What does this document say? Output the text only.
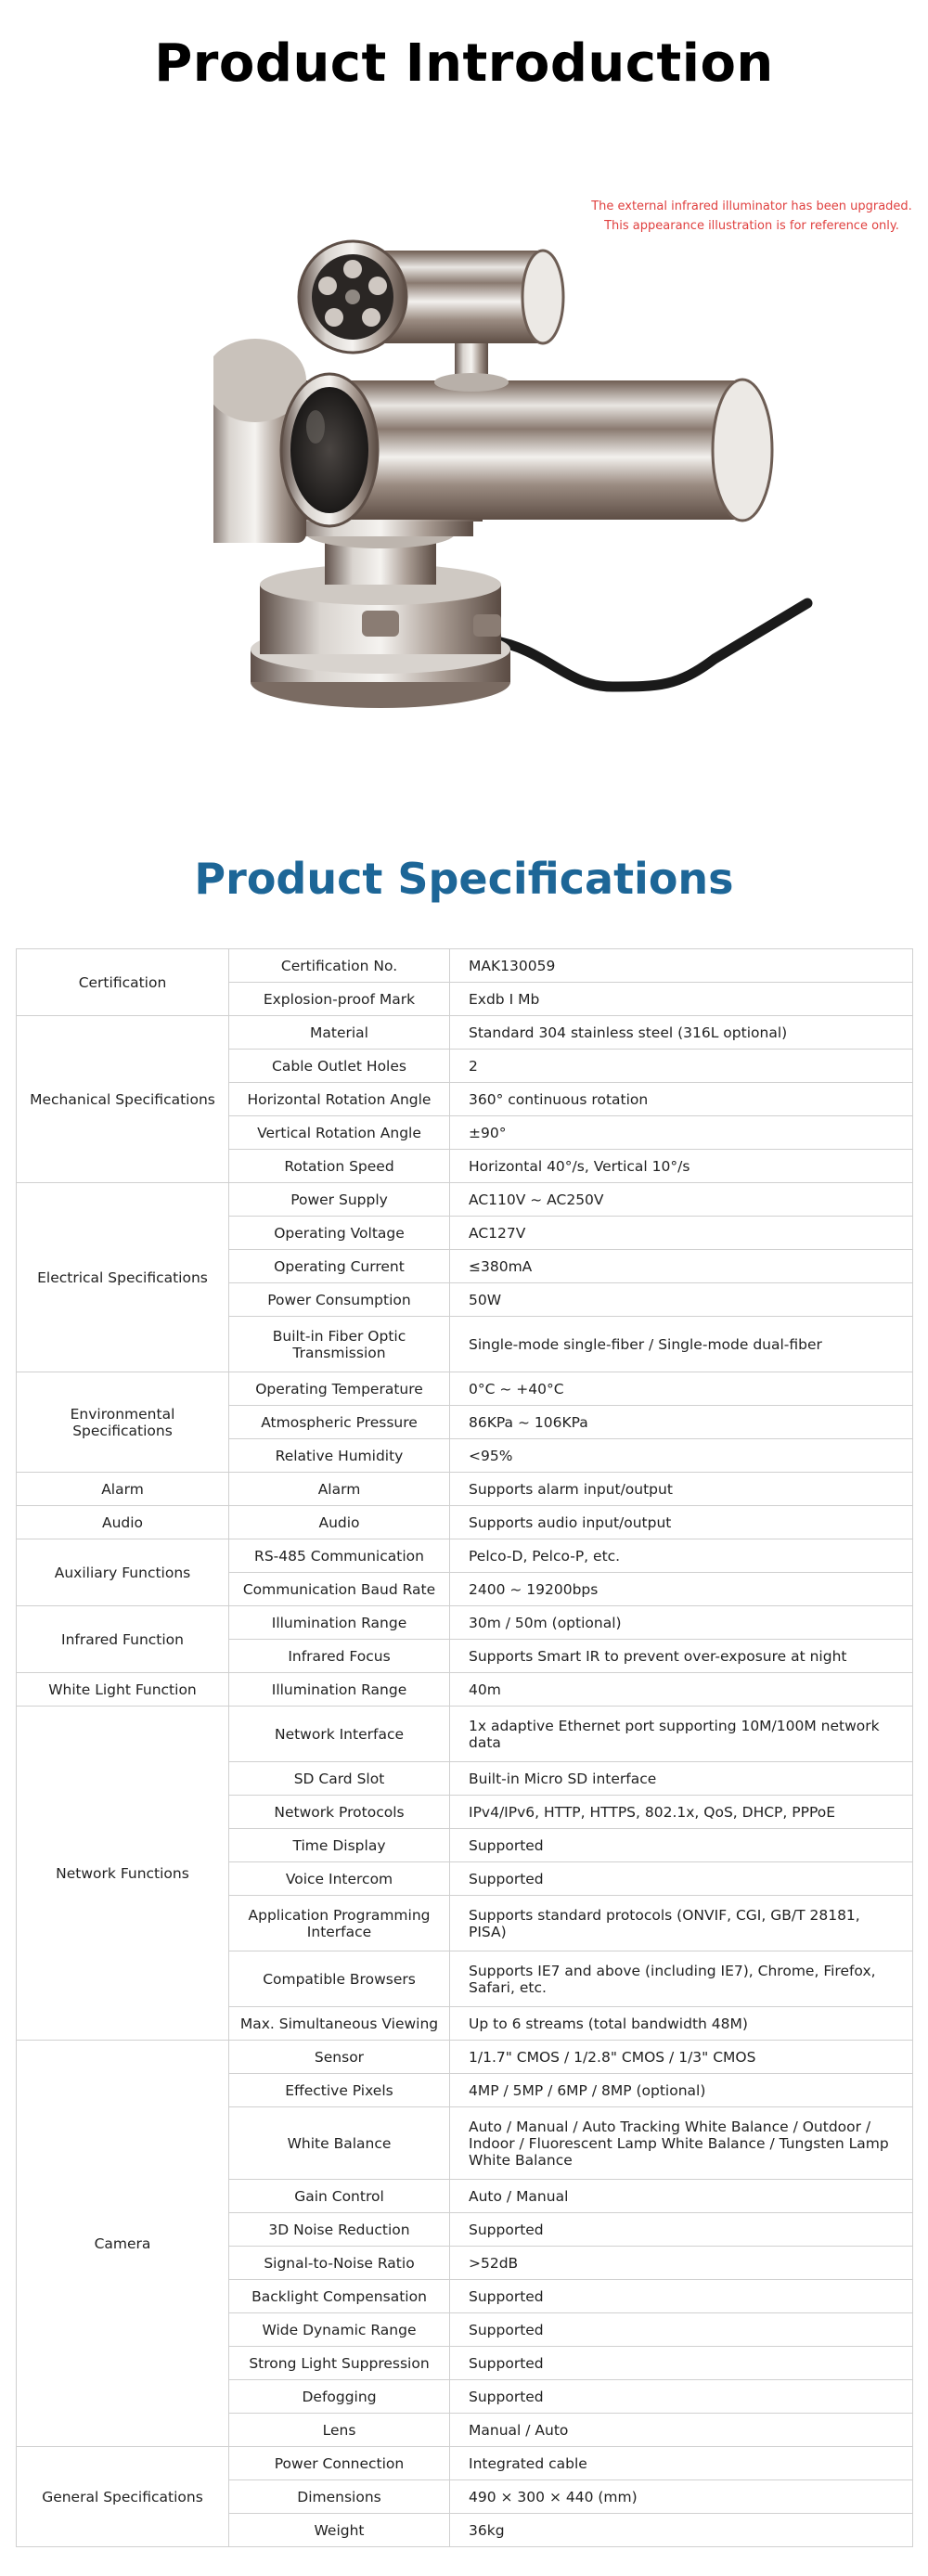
Product Introduction
The external infrared illuminator has been upgraded.
This appearance illustration is for reference only.
Product Specifications
Certification	Certification No.	MAK130059
	Explosion-proof Mark	Exdb I Mb
Mechanical Specifications	Material	Standard 304 stainless steel (316L optional)
	Cable Outlet Holes	2
	Horizontal Rotation Angle	360° continuous rotation
	Vertical Rotation Angle	±90°
	Rotation Speed	Horizontal 40°/s, Vertical 10°/s
Electrical Specifications	Power Supply	AC110V ~ AC250V
	Operating Voltage	AC127V
	Operating Current	≤380mA
	Power Consumption	50W
	Built-in Fiber Optic Transmission	Single-mode single-fiber / Single-mode dual-fiber
Environmental Specifications	Operating Temperature	0°C ~ +40°C
	Atmospheric Pressure	86KPa ~ 106KPa
	Relative Humidity	<95%
Alarm	Alarm	Supports alarm input/output
Audio	Audio	Supports audio input/output
Auxiliary Functions	RS-485 Communication	Pelco-D, Pelco-P, etc.
	Communication Baud Rate	2400 ~ 19200bps
Infrared Function	Illumination Range	30m / 50m (optional)
	Infrared Focus	Supports Smart IR to prevent over-exposure at night
White Light Function	Illumination Range	40m
Network Functions	Network Interface	1x adaptive Ethernet port supporting 10M/100M network data
	SD Card Slot	Built-in Micro SD interface
	Network Protocols	IPv4/IPv6, HTTP, HTTPS, 802.1x, QoS, DHCP, PPPoE
	Time Display	Supported
	Voice Intercom	Supported
	Application Programming Interface	Supports standard protocols (ONVIF, CGI, GB/T 28181, PISA)
	Compatible Browsers	Supports IE7 and above (including IE7), Chrome, Firefox, Safari, etc.
	Max. Simultaneous Viewing	Up to 6 streams (total bandwidth 48M)
Camera	Sensor	1/1.7" CMOS / 1/2.8" CMOS / 1/3" CMOS
	Effective Pixels	4MP / 5MP / 6MP / 8MP (optional)
	White Balance	Auto / Manual / Auto Tracking White Balance / Outdoor / Indoor / Fluorescent Lamp White Balance / Tungsten Lamp White Balance
	Gain Control	Auto / Manual
	3D Noise Reduction	Supported
	Signal-to-Noise Ratio	>52dB
	Backlight Compensation	Supported
	Wide Dynamic Range	Supported
	Strong Light Suppression	Supported
	Defogging	Supported
	Lens	Manual / Auto
General Specifications	Power Connection	Integrated cable
	Dimensions	490 × 300 × 440 (mm)
	Weight	36kg
